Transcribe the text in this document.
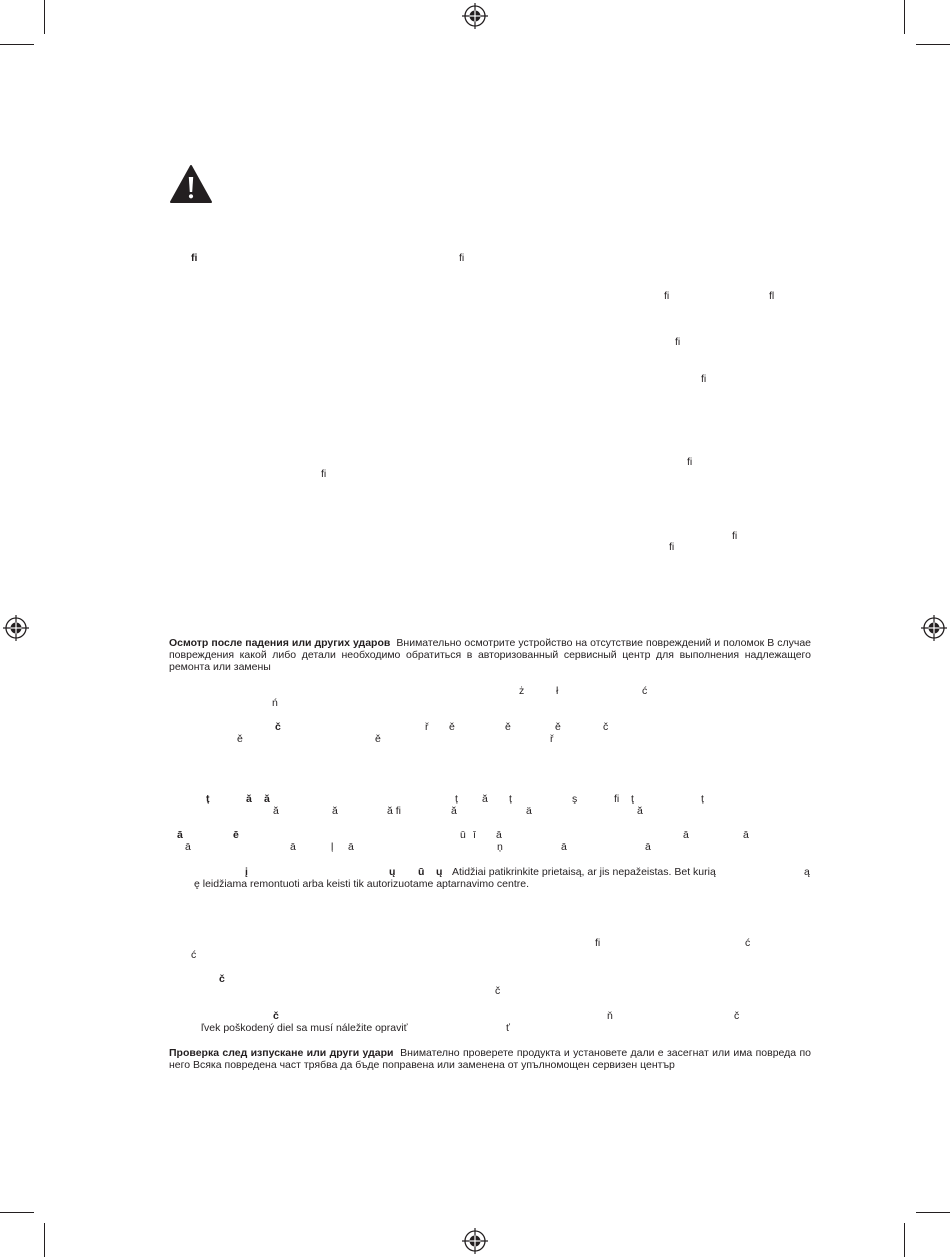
fi	fi
fi	fl
fi
fi
fi
fi
fi
fi
Осмотр после падения или других ударов Внимательно осмотрите устройство на отсутствие повреждений и поломок В случае повреждения какой либо детали необходимо обратиться в авторизованный сервисный центр для выполнения надлежащего ремонта или замены
ż	ł	ć
ń
č	ř ě	ě	ě	č
ě	ě	ř
ț	ă ă	ț ă ț	ş	fi ţ	ț
ă	ă	ă fi	ă	ä	ă
ā	ē	ū ī ā	ā	ā
ā	ā	ļ ā	ņ	ā	ā
į	ų ū ų Atidžiai patikrinkite prietaisą, ar jis nepažeistas. Bet kurią	ą
ę leidžiama remontuoti arba keisti tik autorizuotame aptarnavimo centre.
fi	ć
ć
č
č
č	ň	č
ľvek poškodený diel sa musí náležite opraviť	ť
Проверка след изпускане или други удари Внимателно проверете продукта и установете дали е засегнат или има повреда по него Всяка повредена част трябва да бъде поправена или заменена от упълномощен сервизен център
